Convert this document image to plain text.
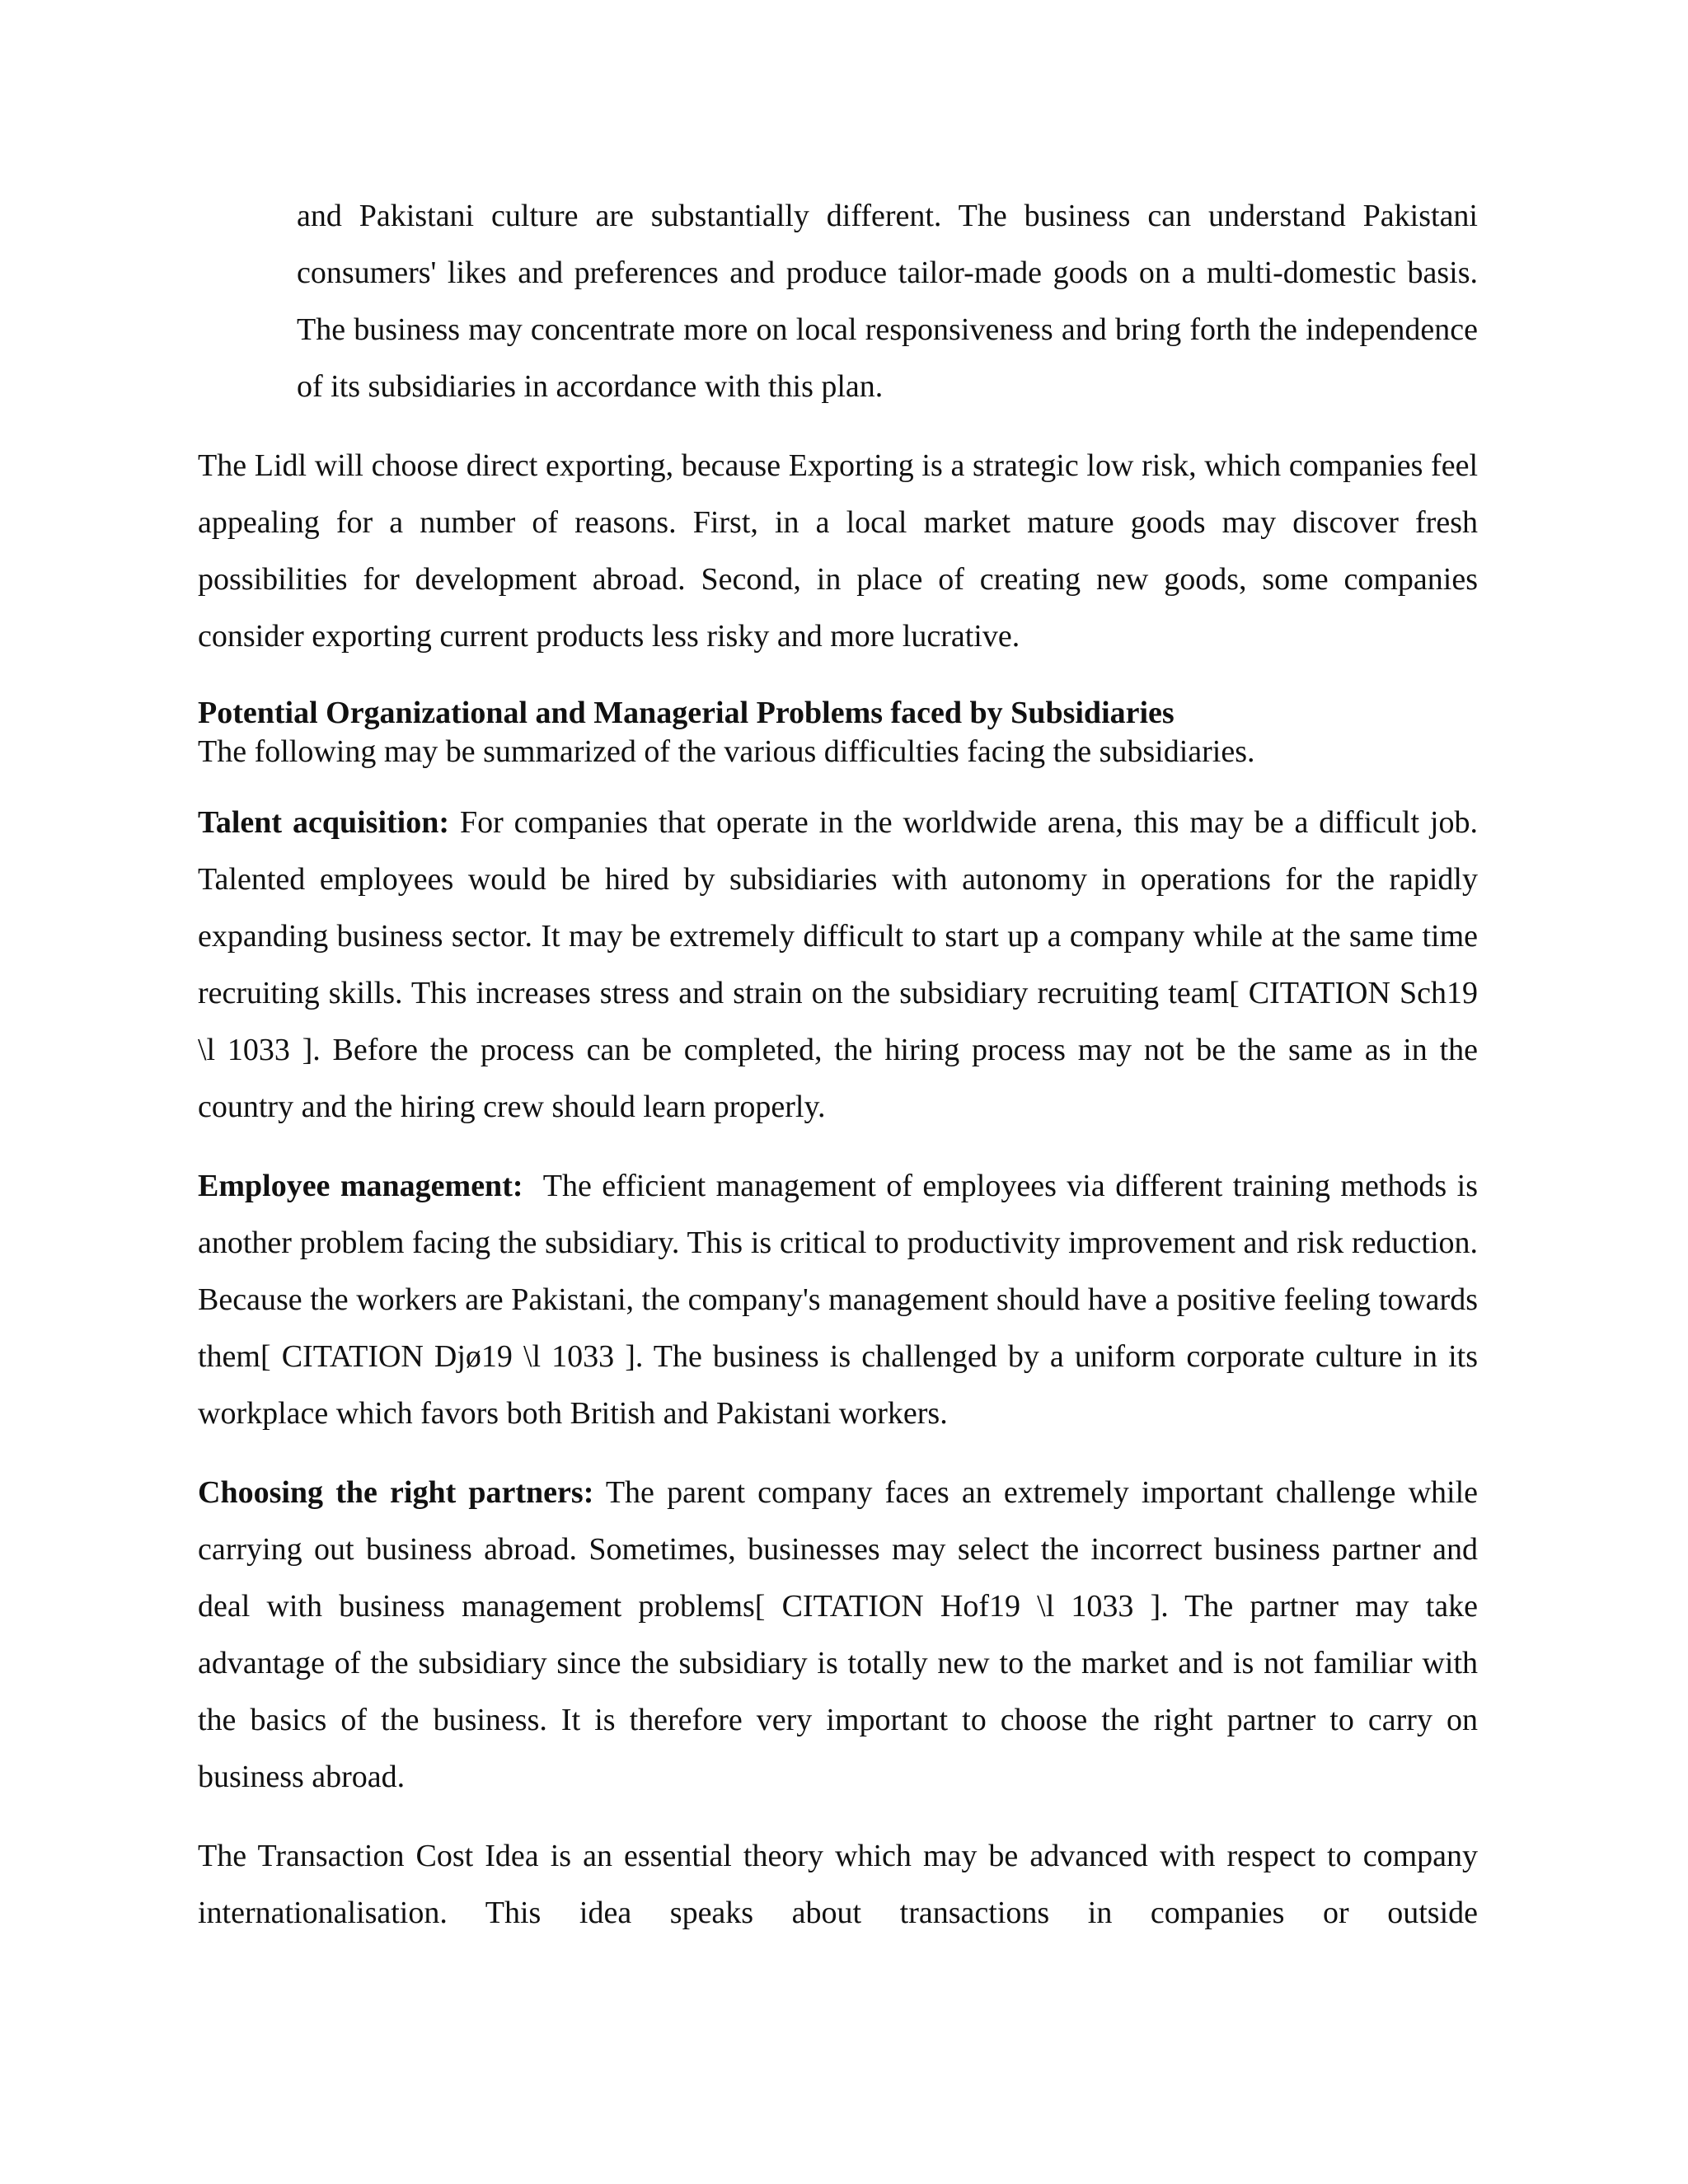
and Pakistani culture are substantially different. The business can understand Pakistani consumers' likes and preferences and produce tailor-made goods on a multi-domestic basis. The business may concentrate more on local responsiveness and bring forth the independence of its subsidiaries in accordance with this plan.

The Lidl will choose direct exporting, because Exporting is a strategic low risk, which companies feel appealing for a number of reasons. First, in a local market mature goods may discover fresh possibilities for development abroad. Second, in place of creating new goods, some companies consider exporting current products less risky and more lucrative.

Potential Organizational and Managerial Problems faced by Subsidiaries

The following may be summarized of the various difficulties facing the subsidiaries.

Talent acquisition: For companies that operate in the worldwide arena, this may be a difficult job. Talented employees would be hired by subsidiaries with autonomy in operations for the rapidly expanding business sector. It may be extremely difficult to start up a company while at the same time recruiting skills. This increases stress and strain on the subsidiary recruiting team[ CITATION Sch19 \l 1033 ]. Before the process can be completed, the hiring process may not be the same as in the country and the hiring crew should learn properly.

Employee management:  The efficient management of employees via different training methods is another problem facing the subsidiary. This is critical to productivity improvement and risk reduction. Because the workers are Pakistani, the company's management should have a positive feeling towards them[ CITATION Djø19 \l 1033 ]. The business is challenged by a uniform corporate culture in its workplace which favors both British and Pakistani workers.

Choosing the right partners: The parent company faces an extremely important challenge while carrying out business abroad. Sometimes, businesses may select the incorrect business partner and deal with business management problems[ CITATION Hof19 \l 1033 ]. The partner may take advantage of the subsidiary since the subsidiary is totally new to the market and is not familiar with the basics of the business. It is therefore very important to choose the right partner to carry on business abroad.

The Transaction Cost Idea is an essential theory which may be advanced with respect to company internationalisation. This idea speaks about transactions in companies or outside
